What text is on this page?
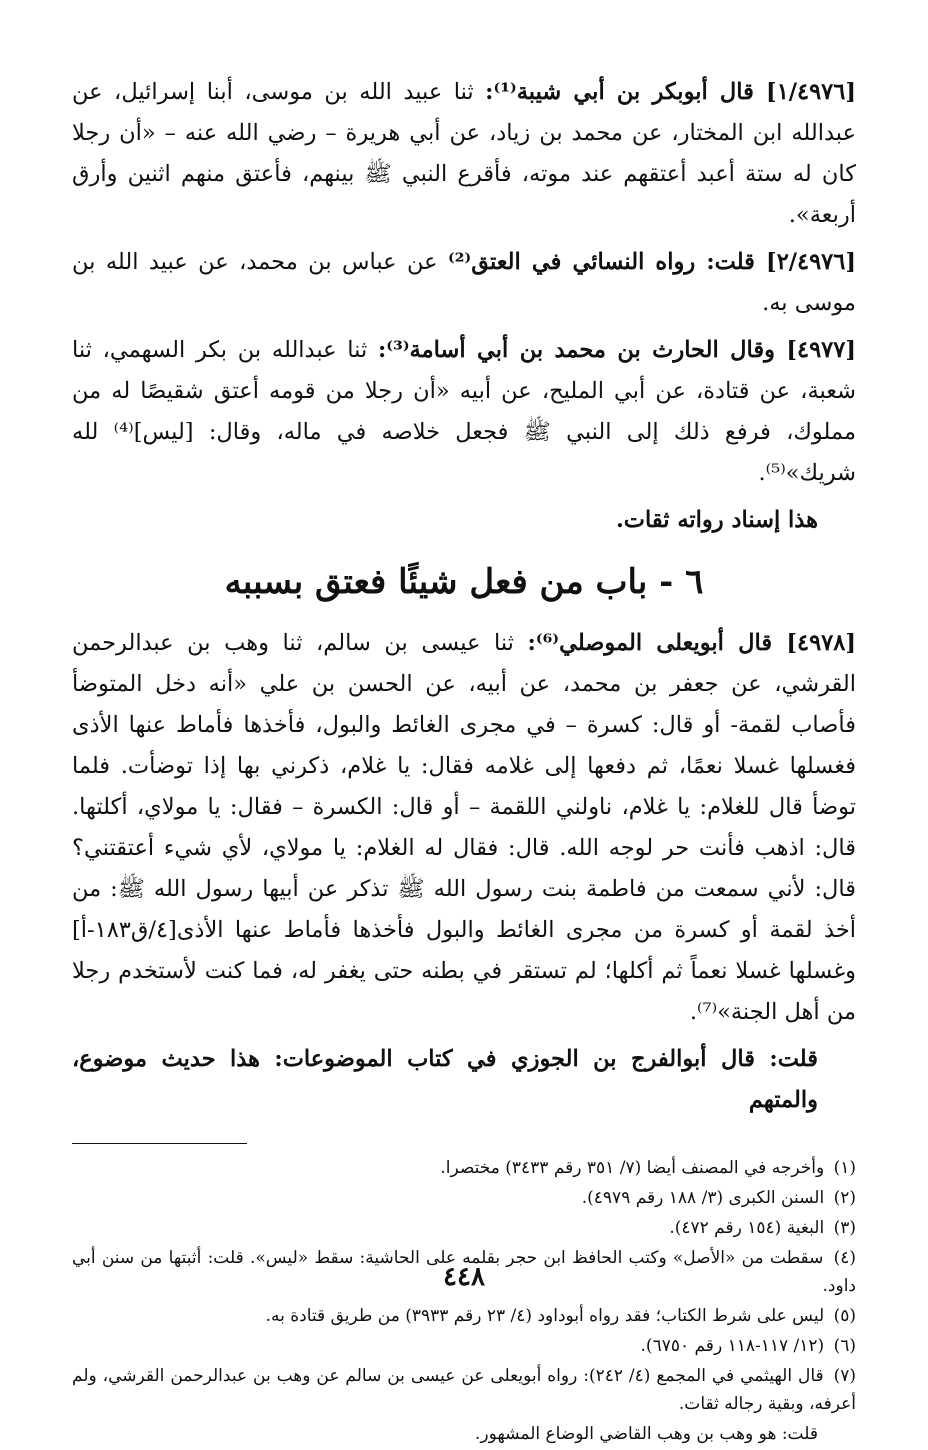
[١/٤٩٧٦] قال أبوبكر بن أبي شيبة⁽¹⁾: ثنا عبيد الله بن موسى، أبنا إسرائيل، عن عبدالله ابن المختار، عن محمد بن زياد، عن أبي هريرة – رضي الله عنه – «أن رجلا كان له ستة أعبد أعتقهم عند موته، فأقرع النبي ﷺ بينهم، فأعتق منهم اثنين وأرق أربعة».

[٢/٤٩٧٦] قلت: رواه النسائي في العتق⁽²⁾ عن عباس بن محمد، عن عبيد الله بن موسى به.

[٤٩٧٧] وقال الحارث بن محمد بن أبي أسامة⁽³⁾: ثنا عبدالله بن بكر السهمي، ثنا شعبة، عن قتادة، عن أبي المليح، عن أبيه «أن رجلا من قومه أعتق شقيصًا له من مملوك، فرفع ذلك إلى النبي ﷺ فجعل خلاصه في ماله، وقال: [ليس]⁽⁴⁾ لله شريك»⁽⁵⁾.

هذا إسناد رواته ثقات.

٦ - باب من فعل شيئًا فعتق بسببه

[٤٩٧٨] قال أبويعلى الموصلي⁽⁶⁾: ثنا عيسى بن سالم، ثنا وهب بن عبدالرحمن القرشي، عن جعفر بن محمد، عن أبيه، عن الحسن بن علي «أنه دخل المتوضأ فأصاب لقمة- أو قال: كسرة – في مجرى الغائط والبول، فأخذها فأماط عنها الأذى فغسلها غسلا نعمًا، ثم دفعها إلى غلامه فقال: يا غلام، ذكرني بها إذا توضأت. فلما توضأ قال للغلام: يا غلام، ناولني اللقمة – أو قال: الكسرة – فقال: يا مولاي، أكلتها. قال: اذهب فأنت حر لوجه الله. قال: فقال له الغلام: يا مولاي، لأي شيء أعتقتني؟ قال: لأني سمعت من فاطمة بنت رسول الله ﷺ تذكر عن أبيها رسول الله ﷺ: من أخذ لقمة أو كسرة من مجرى الغائط والبول فأخذها فأماط عنها الأذى[٤/ق١٨٣-أ] وغسلها غسلا نعماً ثم أكلها؛ لم تستقر في بطنه حتى يغفر له، فما كنت لأستخدم رجلا من أهل الجنة»⁽⁷⁾.

قلت: قال أبوالفرج بن الجوزي في كتاب الموضوعات: هذا حديث موضوع، والمتهم

(١) وأخرجه في المصنف أيضا (٧/ ٣٥١ رقم ٣٤٣٣) مختصرا.
(٢) السنن الكبرى (٣/ ١٨٨ رقم ٤٩٧٩).
(٣) البغية (١٥٤ رقم ٤٧٢).
(٤) سقطت من «الأصل» وكتب الحافظ ابن حجر بقلمه على الحاشية: سقط «ليس». قلت: أثبتها من سنن أبي داود.
(٥) ليس على شرط الكتاب؛ فقد رواه أبوداود (٤/ ٢٣ رقم ٣٩٣٣) من طريق قتادة به.
(٦) (١٢/ ١١٧-١١٨ رقم ٦٧٥٠).
(٧) قال الهيثمي في المجمع (٤/ ٢٤٢): رواه أبويعلى عن عيسى بن سالم عن وهب بن عبدالرحمن القرشي، ولم أعرفه، وبقية رجاله ثقات.
قلت: هو وهب بن وهب القاضي الوضاع المشهور.
٤٤٨
